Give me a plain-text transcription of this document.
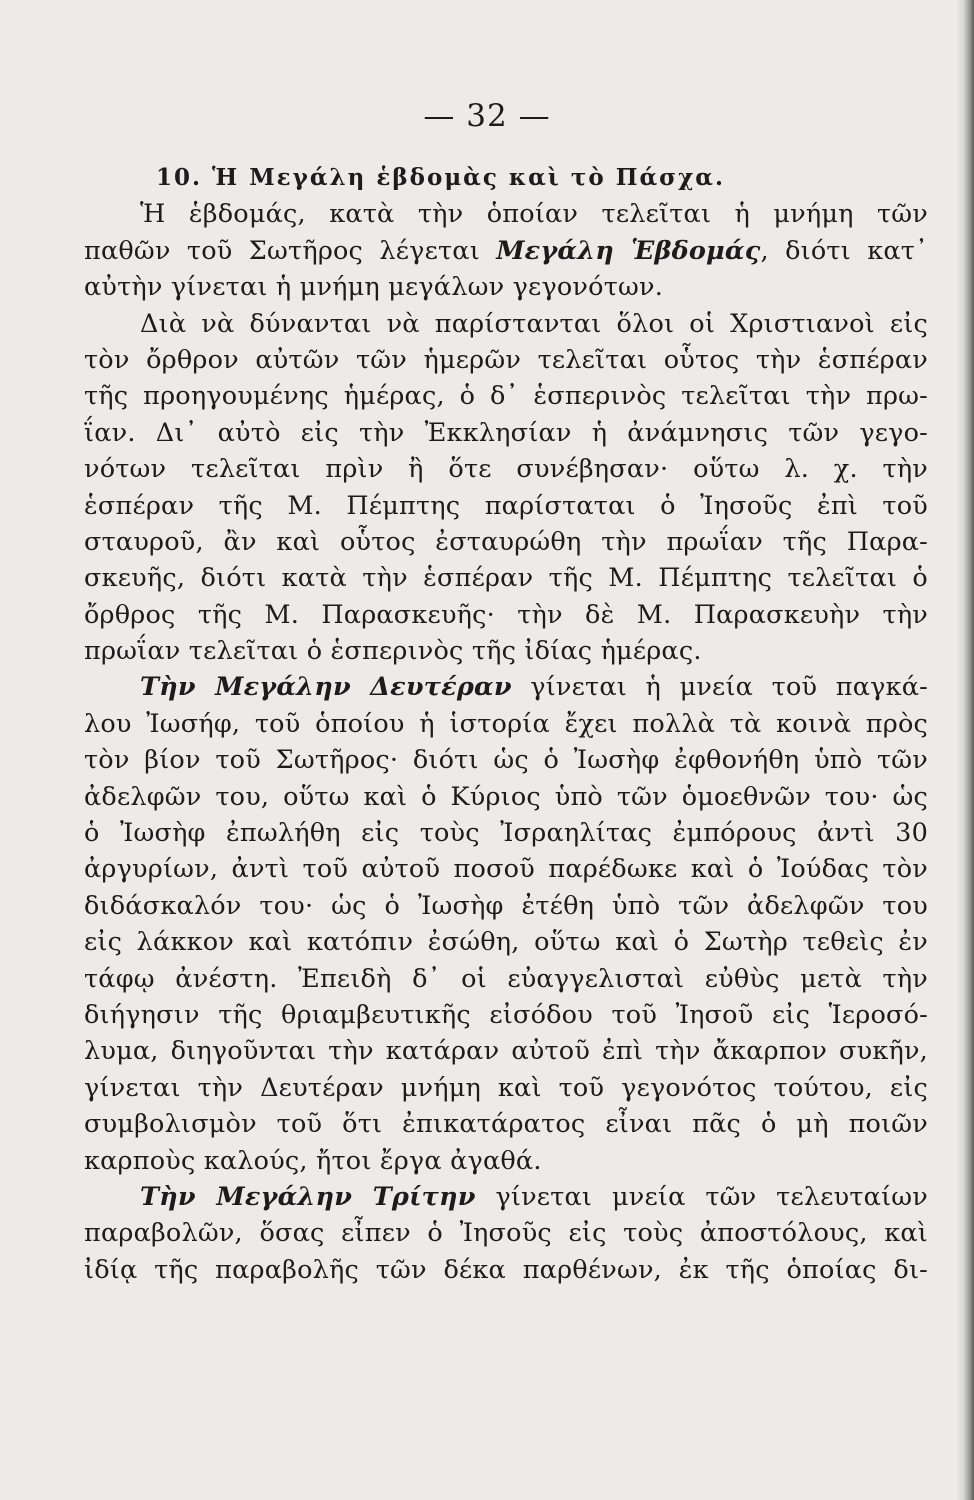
— 32 —
10. Ἡ Μεγάλη ἑβδομὰς καὶ τὸ Πάσχα.
Ἡ ἑβδομάς, κατὰ τὴν ὁποίαν τελεῖται ἡ μνήμη τῶν
παθῶν τοῦ Σωτῆρος λέγεται Μεγάλη Ἑβδομάς, διότι κατ᾽
αὐτὴν γίνεται ἡ μνήμη μεγάλων γεγονότων.
Διὰ νὰ δύνανται νὰ παρίστανται ὅλοι οἱ Χριστιανοὶ εἰς
τὸν ὄρθρον αὐτῶν τῶν ἡμερῶν τελεῖται οὗτος τὴν ἑσπέραν
τῆς προηγουμένης ἡμέρας, ὁ δ᾽ ἑσπερινὸς τελεῖται τὴν πρω-
ΐαν. Δι᾽ αὐτὸ εἰς τὴν Ἐκκλησίαν ἡ ἀνάμνησις τῶν γεγο-
νότων τελεῖται πρὶν ἢ ὅτε συνέβησαν· οὕτω λ. χ. τὴν
ἑσπέραν τῆς Μ. Πέμπτης παρίσταται ὁ Ἰησοῦς ἐπὶ τοῦ
σταυροῦ, ἂν καὶ οὗτος ἐσταυρώθη τὴν πρωΐαν τῆς Παρα-
σκευῆς, διότι κατὰ τὴν ἑσπέραν τῆς Μ. Πέμπτης τελεῖται ὁ
ὄρθρος τῆς Μ. Παρασκευῆς· τὴν δὲ Μ. Παρασκευὴν τὴν
πρωΐαν τελεῖται ὁ ἑσπερινὸς τῆς ἰδίας ἡμέρας.
Τὴν Μεγάλην Δευτέραν γίνεται ἡ μνεία τοῦ παγκά-
λου Ἰωσήφ, τοῦ ὁποίου ἡ ἱστορία ἔχει πολλὰ τὰ κοινὰ πρὸς
τὸν βίον τοῦ Σωτῆρος· διότι ὡς ὁ Ἰωσὴφ ἐφθονήθη ὑπὸ τῶν
ἀδελφῶν του, οὕτω καὶ ὁ Κύριος ὑπὸ τῶν ὁμοεθνῶν του· ὡς
ὁ Ἰωσὴφ ἐπωλήθη εἰς τοὺς Ἰσραηλίτας ἐμπόρους ἀντὶ 30
ἀργυρίων, ἀντὶ τοῦ αὐτοῦ ποσοῦ παρέδωκε καὶ ὁ Ἰούδας τὸν
διδάσκαλόν του· ὡς ὁ Ἰωσὴφ ἐτέθη ὑπὸ τῶν ἀδελφῶν του
εἰς λάκκον καὶ κατόπιν ἐσώθη, οὕτω καὶ ὁ Σωτὴρ τεθεὶς ἐν
τάφῳ ἀνέστη. Ἐπειδὴ δ᾽ οἱ εὐαγγελισταὶ εὐθὺς μετὰ τὴν
διήγησιν τῆς θριαμβευτικῆς εἰσόδου τοῦ Ἰησοῦ εἰς Ἱεροσό-
λυμα, διηγοῦνται τὴν κατάραν αὐτοῦ ἐπὶ τὴν ἄκαρπον συκῆν,
γίνεται τὴν Δευτέραν μνήμη καὶ τοῦ γεγονότος τούτου, εἰς
συμβολισμὸν τοῦ ὅτι ἐπικατάρατος εἶναι πᾶς ὁ μὴ ποιῶν
καρποὺς καλούς, ἤτοι ἔργα ἀγαθά.
Τὴν Μεγάλην Τρίτην γίνεται μνεία τῶν τελευταίων
παραβολῶν, ὅσας εἶπεν ὁ Ἰησοῦς εἰς τοὺς ἀποστόλους, καὶ
ἰδίᾳ τῆς παραβολῆς τῶν δέκα παρθένων, ἐκ τῆς ὁποίας δι-
